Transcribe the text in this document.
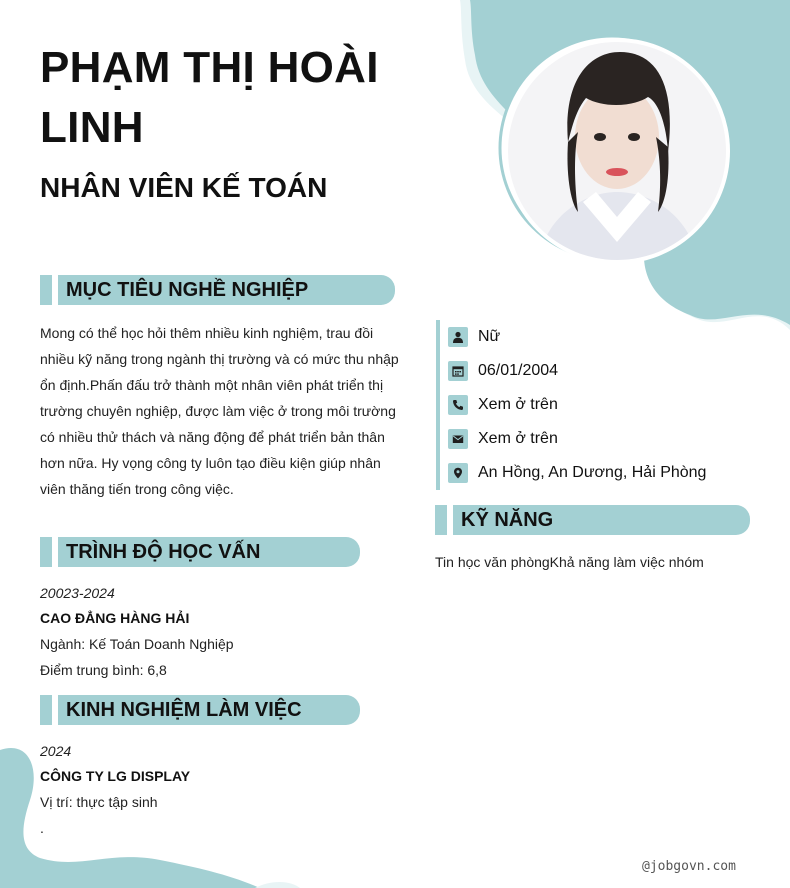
PHẠM THỊ HOÀI LINH
NHÂN VIÊN KẾ TOÁN
MỤC TIÊU NGHỀ NGHIỆP
Mong có thể học hỏi thêm nhiều kinh nghiệm, trau đồi nhiều kỹ năng trong ngành thị trường và có mức thu nhập ổn định.Phấn đấu trở thành một nhân viên phát triển thị trường chuyên nghiệp, được làm việc ở trong môi trường có nhiều thử thách và năng động để phát triển bản thân hơn nữa. Hy vọng công ty luôn tạo điều kiện giúp nhân viên thăng tiến trong công việc.
TRÌNH ĐỘ HỌC VẤN
20023-2024
CAO ĐẲNG HÀNG HẢI
Ngành: Kế Toán Doanh Nghiệp
Điểm trung bình: 6,8
KINH NGHIỆM LÀM VIỆC
2024
CÔNG TY LG DISPLAY
Vị trí: thực tập sinh
.
Nữ
06/01/2004
Xem ở trên
Xem ở trên
An Hồng, An Dương, Hải Phòng
KỸ NĂNG
Tin học văn phòngKhả năng làm việc nhóm
@jobgovn.com
